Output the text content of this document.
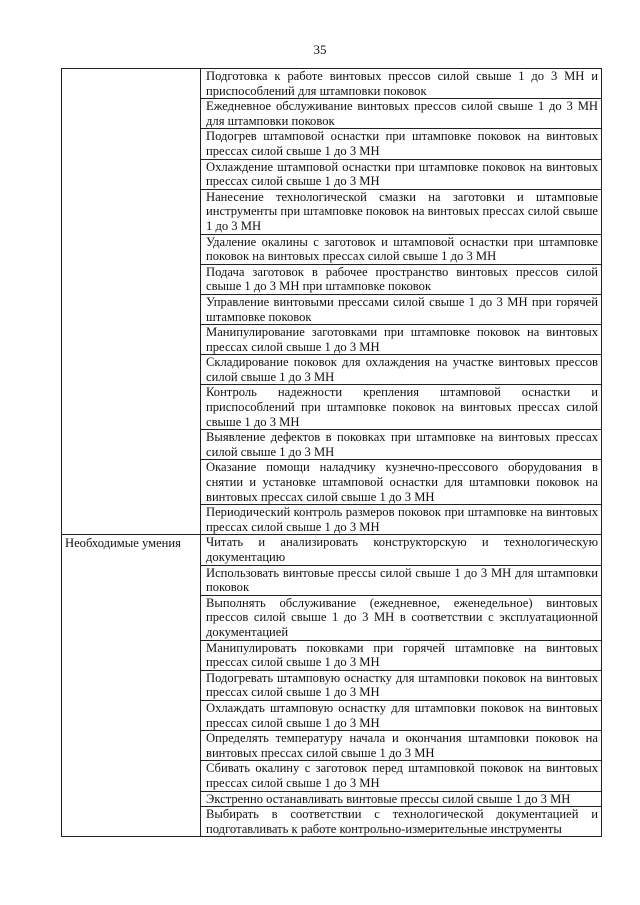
35
	Подготовка к работе винтовых прессов силой свыше 1 до 3 МН и приспособлений для штамповки поковок
	Ежедневное обслуживание винтовых прессов силой свыше 1 до 3 МН для штамповки поковок
	Подогрев штамповой оснастки при штамповке поковок на винтовых прессах силой свыше 1 до 3 МН
	Охлаждение штамповой оснастки при штамповке поковок на винтовых прессах силой свыше 1 до 3 МН
	Нанесение технологической смазки на заготовки и штамповые инструменты при штамповке поковок на винтовых прессах силой свыше 1 до 3 МН
	Удаление окалины с заготовок и штамповой оснастки при штамповке поковок на винтовых прессах силой свыше 1 до 3 МН
	Подача заготовок в рабочее пространство винтовых прессов силой свыше 1 до 3 МН при штамповке поковок
	Управление винтовыми прессами силой свыше 1 до 3 МН при горячей штамповке поковок
	Манипулирование заготовками при штамповке поковок на винтовых прессах силой свыше 1 до 3 МН
	Складирование поковок для охлаждения на участке винтовых прессов силой свыше 1 до 3 МН
	Контроль надежности крепления штамповой оснастки и приспособлений при штамповке поковок на винтовых прессах силой свыше 1 до 3 МН
	Выявление дефектов в поковках при штамповке на винтовых прессах силой свыше 1 до 3 МН
	Оказание помощи наладчику кузнечно-прессового оборудования в снятии и установке штамповой оснастки для штамповки поковок на винтовых прессах силой свыше 1 до 3 МН
	Периодический контроль размеров поковок при штамповке на винтовых прессах силой свыше 1 до 3 МН
Необходимые умения	Читать и анализировать конструкторскую и технологическую документацию
	Использовать винтовые прессы силой свыше 1 до 3 МН для штамповки поковок
	Выполнять обслуживание (ежедневное, еженедельное) винтовых прессов силой свыше 1 до 3 МН в соответствии с эксплуатационной документацией
	Манипулировать поковками при горячей штамповке на винтовых прессах силой свыше 1 до 3 МН
	Подогревать штамповую оснастку для штамповки поковок на винтовых прессах силой свыше 1 до 3 МН
	Охлаждать штамповую оснастку для штамповки поковок на винтовых прессах силой свыше 1 до 3 МН
	Определять температуру начала и окончания штамповки поковок на винтовых прессах силой свыше 1 до 3 МН
	Сбивать окалину с заготовок перед штамповкой поковок на винтовых прессах силой свыше 1 до 3 МН
	Экстренно останавливать винтовые прессы силой свыше 1 до 3 МН
	Выбирать в соответствии с технологической документацией и подготавливать к работе контрольно-измерительные инструменты
